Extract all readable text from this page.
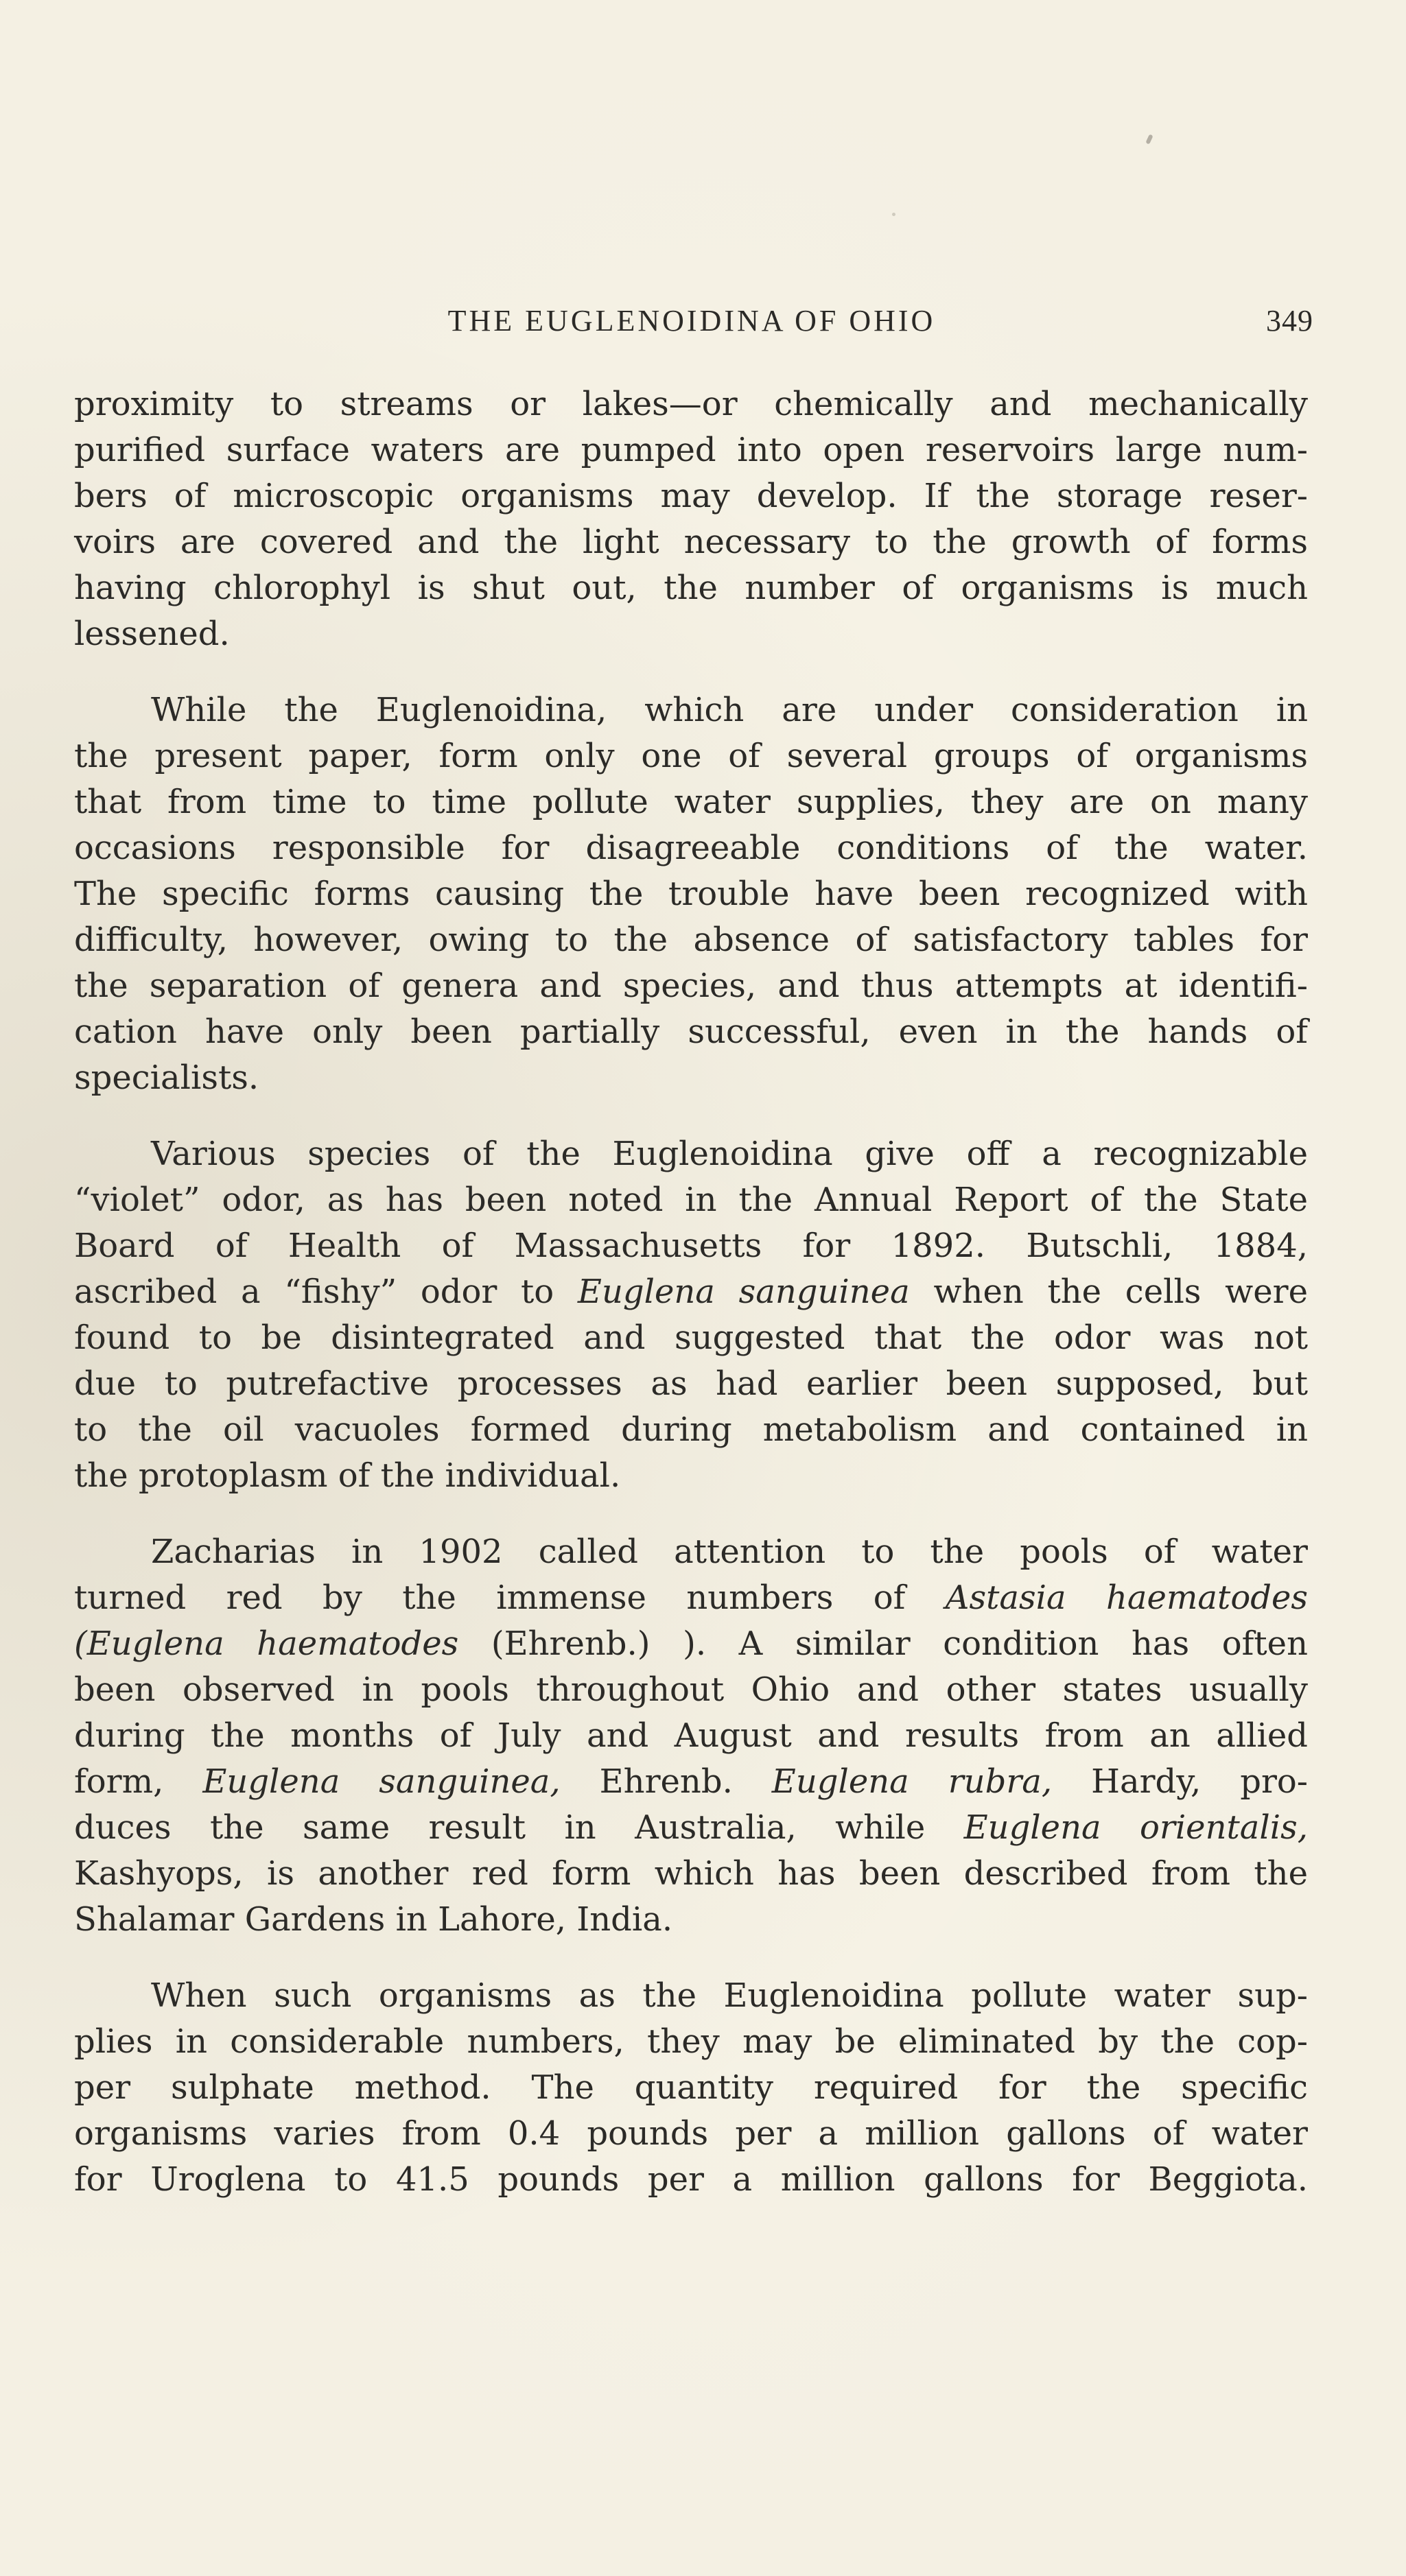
THE EUGLENOIDINA OF OHIO	349
proximity to streams or lakes—or chemically and mechanically
purified surface waters are pumped into open reservoirs large num-
bers of microscopic organisms may develop. If the storage reser-
voirs are covered and the light necessary to the growth of forms
having chlorophyl is shut out, the number of organisms is much
lessened.
While the Euglenoidina, which are under consideration in
the present paper, form only one of several groups of organisms
that from time to time pollute water supplies, they are on many
occasions responsible for disagreeable conditions of the water.
The specific forms causing the trouble have been recognized with
difficulty, however, owing to the absence of satisfactory tables for
the separation of genera and species, and thus attempts at identifi-
cation have only been partially successful, even in the hands of
specialists.
Various species of the Euglenoidina give off a recognizable
“violet” odor, as has been noted in the Annual Report of the State
Board of Health of Massachusetts for 1892. Butschli, 1884,
ascribed a “fishy” odor to Euglena sanguinea when the cells were
found to be disintegrated and suggested that the odor was not
due to putrefactive processes as had earlier been supposed, but
to the oil vacuoles formed during metabolism and contained in
the protoplasm of the individual.
Zacharias in 1902 called attention to the pools of water
turned red by the immense numbers of Astasia haematodes
(Euglena haematodes (Ehrenb.) ). A similar condition has often
been observed in pools throughout Ohio and other states usually
during the months of July and August and results from an allied
form, Euglena sanguinea, Ehrenb. Euglena rubra, Hardy, pro-
duces the same result in Australia, while Euglena orientalis,
Kashyops, is another red form which has been described from the
Shalamar Gardens in Lahore, India.
When such organisms as the Euglenoidina pollute water sup-
plies in considerable numbers, they may be eliminated by the cop-
per sulphate method. The quantity required for the specific
organisms varies from 0.4 pounds per a million gallons of water
for Uroglena to 41.5 pounds per a million gallons for Beggiota.
